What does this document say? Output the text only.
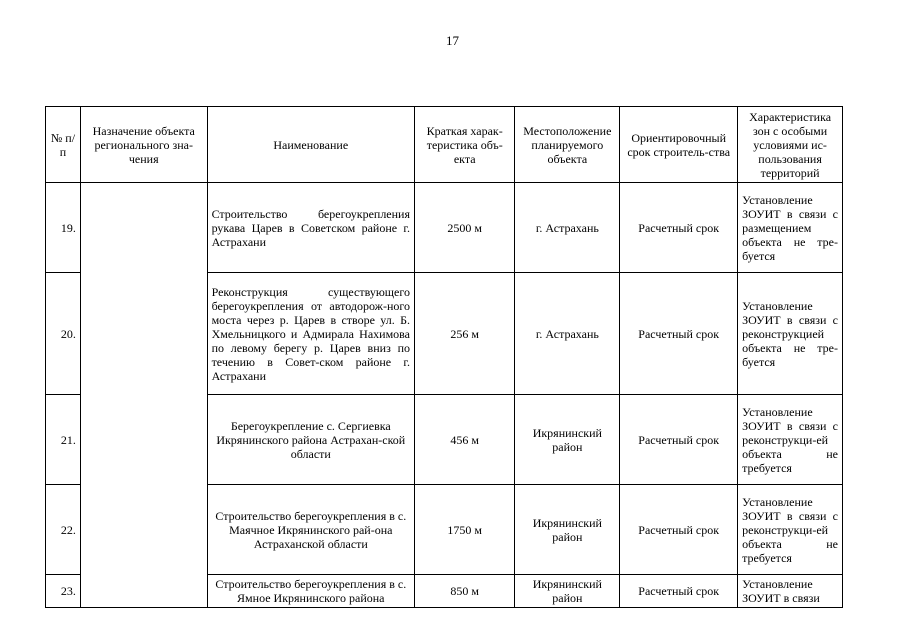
17
№ п/п	Назначение объекта регионального зна-чения	Наименование	Краткая харак-теристика объ-екта	Местоположение планируемого объекта	Ориентировочный срок строитель-ства	Характеристика зон с особыми условиями ис-пользования территорий
19.		Строительство берегоукрепления рукава Царев в Советском районе г. Астрахани	2500 м	г. Астрахань	Расчетный срок	Установление ЗОУИТ в связи с размещением объекта не тре-буется
20.		Реконструкция существующего берегоукрепления от автодорож-ного моста через р. Царев в створе ул. Б. Хмельницкого и Адмирала Нахимова по левому берегу р. Царев вниз по течению в Совет-ском районе г. Астрахани	256 м	г. Астрахань	Расчетный срок	Установление ЗОУИТ в связи с реконструкцией объекта не тре-буется
21.		Берегоукрепление с. Сергиевка Икрянинского района Астрахан-ской области	456 м	Икрянинский район	Расчетный срок	Установление ЗОУИТ в связи с реконструкци-ей объекта не требуется
22.		Строительство берегоукрепления в с. Маячное Икрянинского рай-она Астраханской области	1750 м	Икрянинский район	Расчетный срок	Установление ЗОУИТ в связи с реконструкци-ей объекта не требуется
23.		Строительство берегоукрепления в с. Ямное Икрянинского района	850 м	Икрянинский район	Расчетный срок	Установление ЗОУИТ в связи
